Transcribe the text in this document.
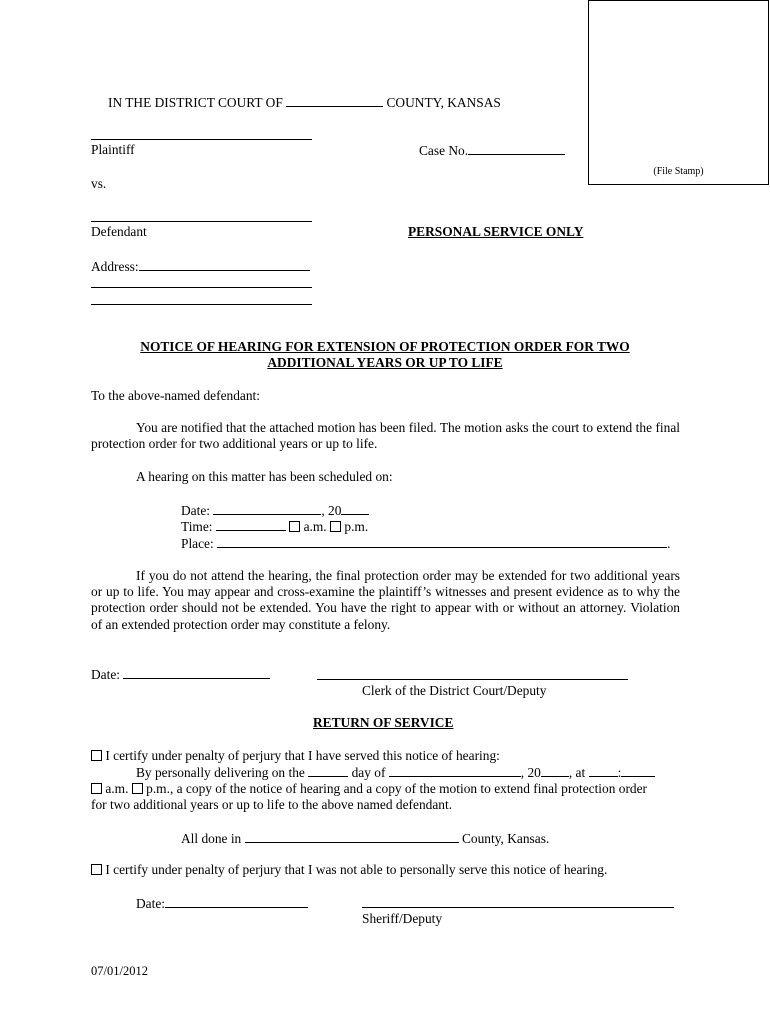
(File Stamp)
IN THE DISTRICT COURT OF	COUNTY, KANSAS
Plaintiff	Case No.
vs.
Defendant	PERSONAL SERVICE ONLY
Address:
NOTICE OF HEARING FOR EXTENSION OF PROTECTION ORDER FOR TWO
ADDITIONAL YEARS OR UP TO LIFE
To the above-named defendant:
You are notified that the attached motion has been filed. The motion asks the court to extend the final protection order for two additional years or up to life.
A hearing on this matter has been scheduled on:
Date:	, 20
Time:	a.m. p.m.
Place:	.
If you do not attend the hearing, the final protection order may be extended for two additional years or up to life. You may appear and cross-examine the plaintiff’s witnesses and present evidence as to why the protection order should not be extended. You have the right to appear with or without an attorney. Violation of an extended protection order may constitute a felony.
Date:
Clerk of the District Court/Deputy
RETURN OF SERVICE
I certify under penalty of perjury that I have served this notice of hearing:
By personally delivering on the	day of	, 20 , at :
a.m. p.m., a copy of the notice of hearing and a copy of the motion to extend final protection order
for two additional years or up to life to the above named defendant.
All done in	County, Kansas.
I certify under penalty of perjury that I was not able to personally serve this notice of hearing.
Date:
Sheriff/Deputy
07/01/2012
